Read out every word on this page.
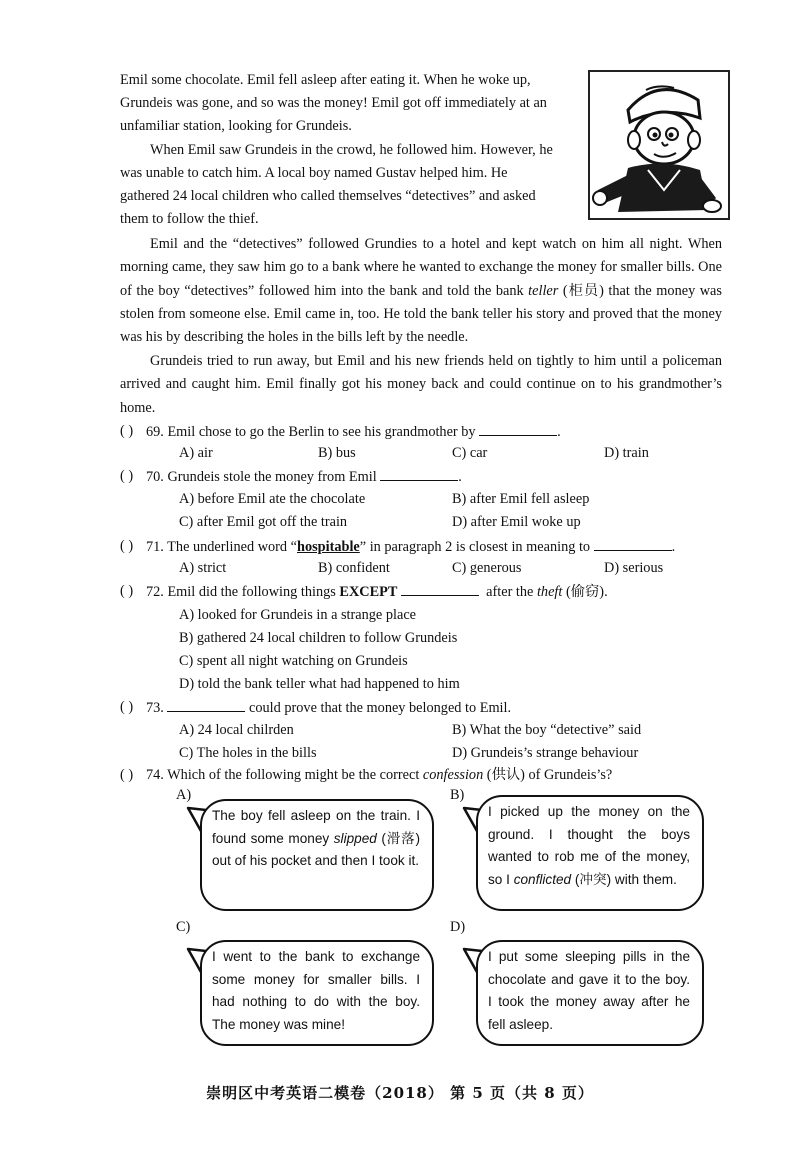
Emil some chocolate. Emil fell asleep after eating it. When he woke up,
Grundeis was gone, and so was the money! Emil got off immediately at an
unfamiliar station, looking for Grundeis.
When Emil saw Grundeis in the crowd, he followed him. However, he
was unable to catch him. A local boy named Gustav helped him. He
gathered 24 local children who called themselves “detectives” and asked
them to follow the thief.
Emil and the “detectives” followed Grundies to a hotel and kept watch on him all night. When morning came, they saw him go to a bank where he wanted to exchange the money for smaller bills. One of the boy “detectives” followed him into the bank and told the bank teller (柜员) that the money was stolen from someone else. Emil came in, too. He told the bank teller his story and proved that the money was his by describing the holes in the bills left by the needle.
Grundeis tried to run away, but Emil and his new friends held on tightly to him until a policeman arrived and caught him. Emil finally got his money back and could continue on to his grandmother’s home.
( ) 69. Emil chose to go the Berlin to see his grandmother by	.
A) air	B) bus	C) car	D) train
( ) 70. Grundeis stole the money from Emil	.
A) before Emil ate the chocolate	B) after Emil fell asleep
C) after Emil got off the train	D) after Emil woke up
( ) 71. The underlined word “hospitable” in paragraph 2 is closest in meaning to	.
A) strict	B) confident	C) generous	D) serious
( ) 72. Emil did the following things EXCEPT	after the theft (偷窃).
A) looked for Grundeis in a strange place
B) gathered 24 local children to follow Grundeis
C) spent all night watching on Grundeis
D) told the bank teller what had happened to him
( ) 73.	could prove that the money belonged to Emil.
A) 24 local chilrden	B) What the boy “detective” said
C) The holes in the bills	D) Grundeis’s strange behaviour
( ) 74. Which of the following might be the correct confession (供认) of Grundeis’s?
A)	B)
C)	D)
The boy fell asleep on the train. I found some money slipped (滑落) out of his pocket and then I took it.
I picked up the money on the ground. I thought the boys wanted to rob me of the money, so I conflicted (冲突) with them.
I went to the bank to exchange some money for smaller bills. I had nothing to do with the boy. The money was mine!
I put some sleeping pills in the chocolate and gave it to the boy. I took the money away after he fell asleep.
崇明区中考英语二模卷（2018） 第 5 页（共 8 页）
